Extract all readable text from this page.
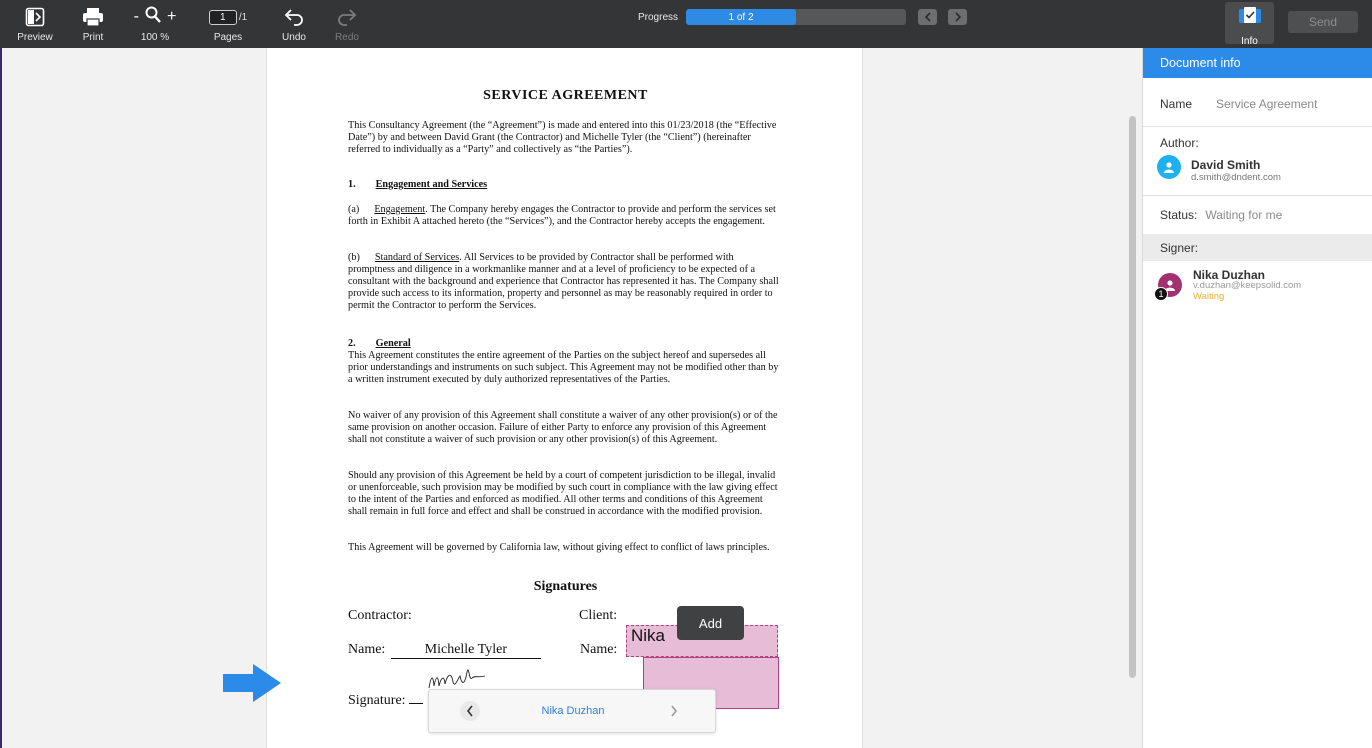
Preview	Print
- +
100 %
1	/1
Pages	Undo	Redo
Progress	1 of 2
Info
Send
SERVICE AGREEMENT
This Consultancy Agreement (the “Agreement”) is made and entered into this 01/23/2018 (the “Effective Date”) by and between David Grant (the Contractor) and Michelle Tyler (the “Client”) (hereinafter referred to individually as a “Party” and collectively as “the Parties”).
1. Engagement and Services
(a) Engagement. The Company hereby engages the Contractor to provide and perform the services set forth in Exhibit A attached hereto (the “Services”), and the Contractor hereby accepts the engagement.
(b) Standard of Services. All Services to be provided by Contractor shall be performed with promptness and diligence in a workmanlike manner and at a level of proficiency to be expected of a consultant with the background and experience that Contractor has represented it has. The Company shall provide such access to its information, property and personnel as may be reasonably required in order to permit the Contractor to perform the Services.
2. General
This Agreement constitutes the entire agreement of the Parties on the subject hereof and supersedes all prior understandings and instruments on such subject. This Agreement may not be modified other than by a written instrument executed by duly authorized representatives of the Parties.
No waiver of any provision of this Agreement shall constitute a waiver of any other provision(s) or of the same provision on another occasion. Failure of either Party to enforce any provision of this Agreement shall not constitute a waiver of such provision or any other provision(s) of this Agreement.
Should any provision of this Agreement be held by a court of competent jurisdiction to be illegal, invalid or unenforceable, such provision may be modified by such court in compliance with the law giving effect to the intent of the Parties and enforced as modified. All other terms and conditions of this Agreement shall remain in full force and effect and shall be construed in accordance with the modified provision.
This Agreement will be governed by California law, without giving effect to conflict of laws principles.
Signatures
Contractor:	Client:
Name:	Michelle Tyler	Name:
Signature:
Nika
Add
Nika Duzhan
Document info
Name Service Agreement
Author:
David Smith
d.smith@dndent.com
Status: Waiting for me
Signer:
Nika Duzhan
v.duzhan@keepsolid.com
Waiting
1
